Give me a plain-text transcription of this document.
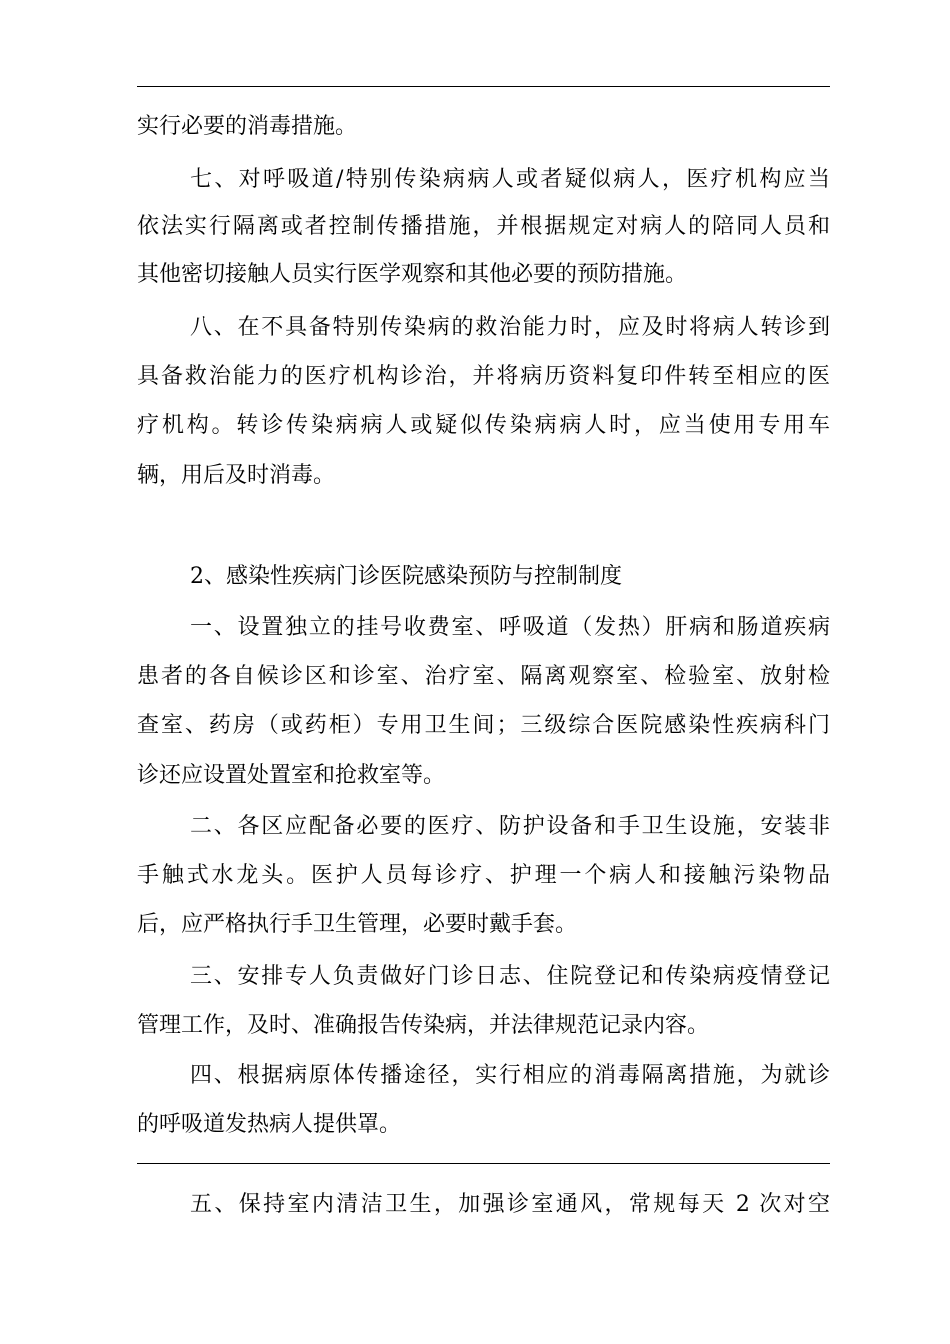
实行必要的消毒措施。
七、对呼吸道/特别传染病病人或者疑似病人，医疗机构应当
依法实行隔离或者控制传播措施，并根据规定对病人的陪同人员和
其他密切接触人员实行医学观察和其他必要的预防措施。
八、在不具备特别传染病的救治能力时，应及时将病人转诊到
具备救治能力的医疗机构诊治，并将病历资料复印件转至相应的医
疗机构。转诊传染病病人或疑似传染病病人时，应当使用专用车
辆，用后及时消毒。
2、感染性疾病门诊医院感染预防与控制制度
一、设置独立的挂号收费室、呼吸道（发热）肝病和肠道疾病
患者的各自候诊区和诊室、治疗室、隔离观察室、检验室、放射检
查室、药房（或药柜）专用卫生间；三级综合医院感染性疾病科门
诊还应设置处置室和抢救室等。
二、各区应配备必要的医疗、防护设备和手卫生设施，安装非
手触式水龙头。医护人员每诊疗、护理一个病人和接触污染物品
后，应严格执行手卫生管理，必要时戴手套。
三、安排专人负责做好门诊日志、住院登记和传染病疫情登记
管理工作，及时、准确报告传染病，并法律规范记录内容。
四、根据病原体传播途径，实行相应的消毒隔离措施，为就诊
的呼吸道发热病人提供罩。
五、保持室内清洁卫生，加强诊室通风，常规每天 2 次对空
